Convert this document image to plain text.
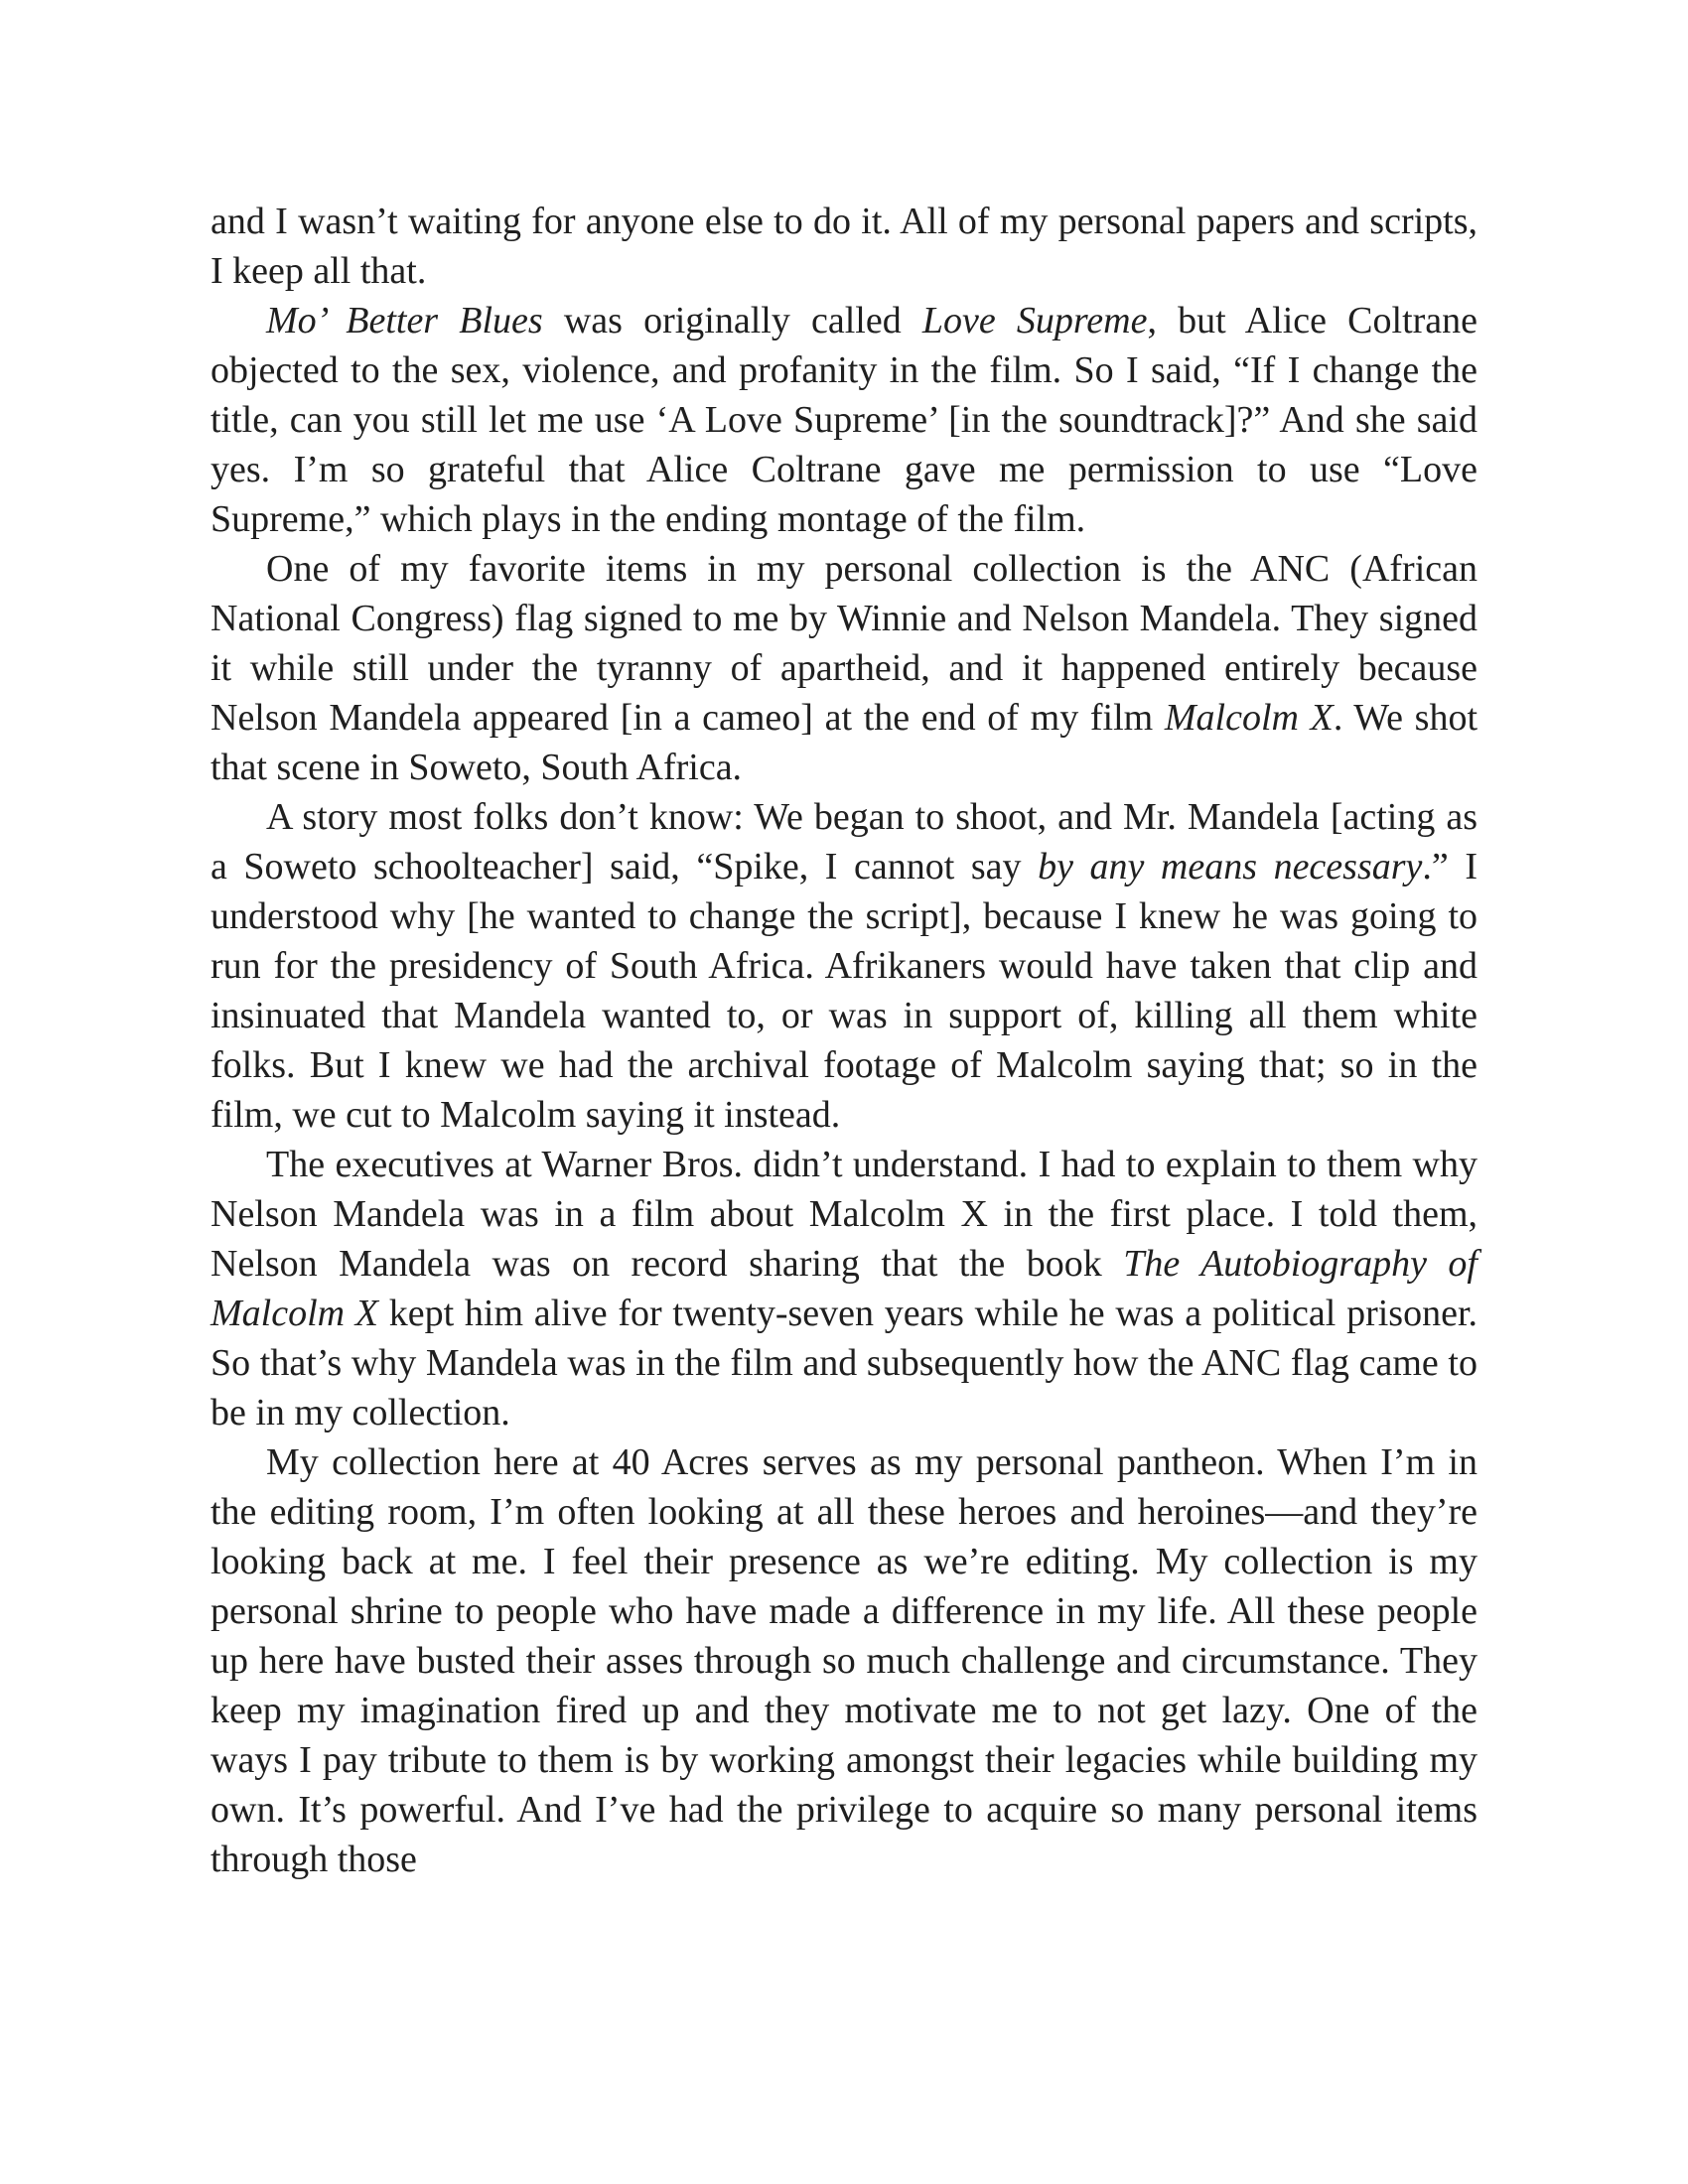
and I wasn’t waiting for anyone else to do it. All of my personal papers and scripts, I keep all that.

Mo’ Better Blues was originally called Love Supreme, but Alice Coltrane objected to the sex, violence, and profanity in the film. So I said, “If I change the title, can you still let me use ‘A Love Supreme’ [in the soundtrack]?” And she said yes. I’m so grateful that Alice Coltrane gave me permission to use “Love Supreme,” which plays in the ending montage of the film.

One of my favorite items in my personal collection is the ANC (African National Congress) flag signed to me by Winnie and Nelson Mandela. They signed it while still under the tyranny of apartheid, and it happened entirely because Nelson Mandela appeared [in a cameo] at the end of my film Malcolm X. We shot that scene in Soweto, South Africa.

A story most folks don’t know: We began to shoot, and Mr. Mandela [acting as a Soweto schoolteacher] said, “Spike, I cannot say by any means necessary.” I understood why [he wanted to change the script], because I knew he was going to run for the presidency of South Africa. Afrikaners would have taken that clip and insinuated that Mandela wanted to, or was in support of, killing all them white folks. But I knew we had the archival footage of Malcolm saying that; so in the film, we cut to Malcolm saying it instead.

The executives at Warner Bros. didn’t understand. I had to explain to them why Nelson Mandela was in a film about Malcolm X in the first place. I told them, Nelson Mandela was on record sharing that the book The Autobiography of Malcolm X kept him alive for twenty-seven years while he was a political prisoner. So that’s why Mandela was in the film and subsequently how the ANC flag came to be in my collection.

My collection here at 40 Acres serves as my personal pantheon. When I’m in the editing room, I’m often looking at all these heroes and heroines—and they’re looking back at me. I feel their presence as we’re editing. My collection is my personal shrine to people who have made a difference in my life. All these people up here have busted their asses through so much challenge and circumstance. They keep my imagination fired up and they motivate me to not get lazy. One of the ways I pay tribute to them is by working amongst their legacies while building my own. It’s powerful. And I’ve had the privilege to acquire so many personal items through those
